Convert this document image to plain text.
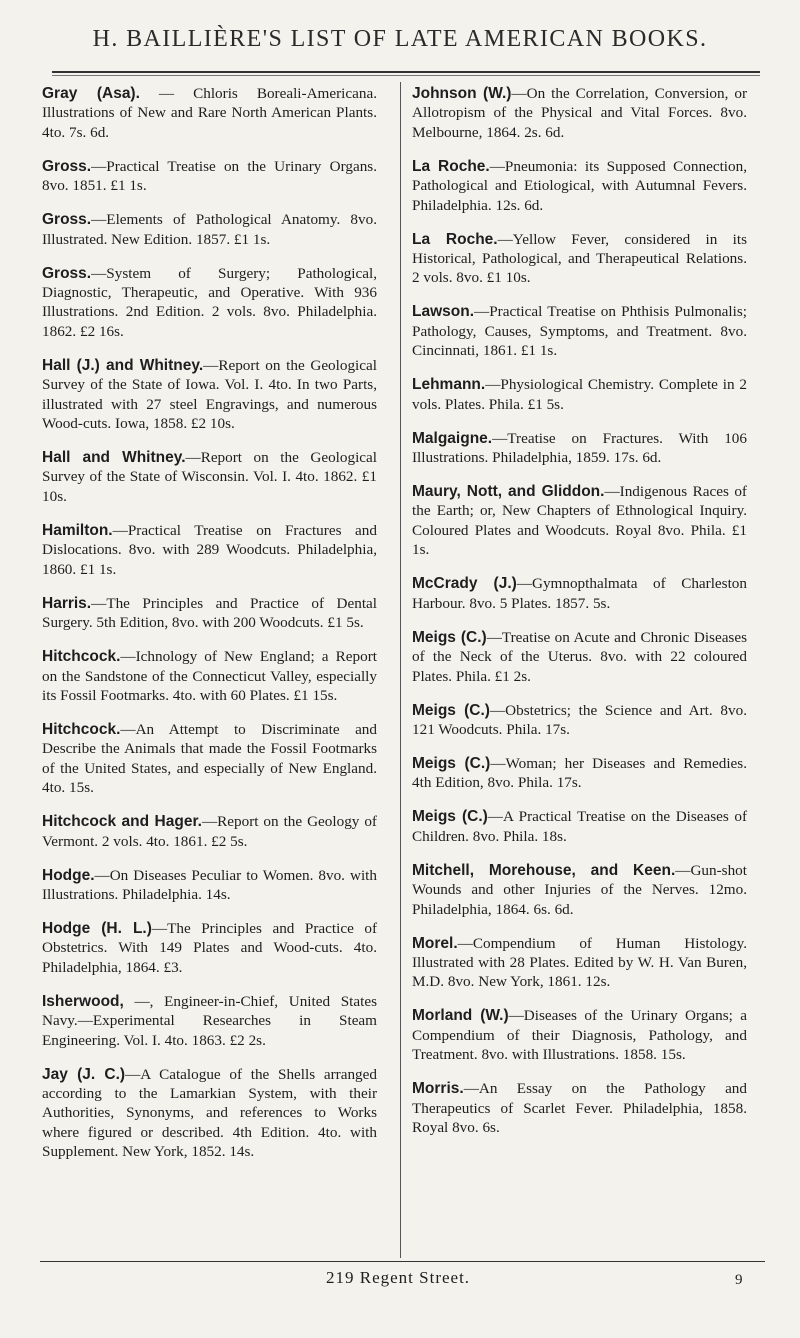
H. BAILLIÈRE'S LIST OF LATE AMERICAN BOOKS.

Gray (Asa). — Chloris Boreali-Americana. Illustrations of New and Rare North American Plants. 4to. 7s. 6d.

Gross.—Practical Treatise on the Urinary Organs. 8vo. 1851. £1 1s.

Gross.—Elements of Pathological Anatomy. 8vo. Illustrated. New Edition. 1857. £1 1s.

Gross.—System of Surgery; Pathological, Diagnostic, Therapeutic, and Operative. With 936 Illustrations. 2nd Edition. 2 vols. 8vo. Philadelphia. 1862. £2 16s.

Hall (J.) and Whitney.—Report on the Geological Survey of the State of Iowa. Vol. I. 4to. In two Parts, illustrated with 27 steel Engravings, and numerous Wood-cuts. Iowa, 1858. £2 10s.

Hall and Whitney.—Report on the Geological Survey of the State of Wisconsin. Vol. I. 4to. 1862. £1 10s.

Hamilton.—Practical Treatise on Fractures and Dislocations. 8vo. with 289 Woodcuts. Philadelphia, 1860. £1 1s.

Harris.—The Principles and Practice of Dental Surgery. 5th Edition, 8vo. with 200 Woodcuts. £1 5s.

Hitchcock.—Ichnology of New England; a Report on the Sandstone of the Connecticut Valley, especially its Fossil Footmarks. 4to. with 60 Plates. £1 15s.

Hitchcock.—An Attempt to Discriminate and Describe the Animals that made the Fossil Footmarks of the United States, and especially of New England. 4to. 15s.

Hitchcock and Hager.—Report on the Geology of Vermont. 2 vols. 4to. 1861. £2 5s.

Hodge.—On Diseases Peculiar to Women. 8vo. with Illustrations. Philadelphia. 14s.

Hodge (H. L.)—The Principles and Practice of Obstetrics. With 149 Plates and Wood-cuts. 4to. Philadelphia, 1864. £3.

Isherwood, —, Engineer-in-Chief, United States Navy.—Experimental Researches in Steam Engineering. Vol. I. 4to. 1863. £2 2s.

Jay (J. C.)—A Catalogue of the Shells arranged according to the Lamarkian System, with their Authorities, Synonyms, and references to Works where figured or described. 4th Edition. 4to. with Supplement. New York, 1852. 14s.

Johnson (W.)—On the Correlation, Conversion, or Allotropism of the Physical and Vital Forces. 8vo. Melbourne, 1864. 2s. 6d.

La Roche.—Pneumonia: its Supposed Connection, Pathological and Etiological, with Autumnal Fevers. Philadelphia. 12s. 6d.

La Roche.—Yellow Fever, considered in its Historical, Pathological, and Therapeutical Relations. 2 vols. 8vo. £1 10s.

Lawson.—Practical Treatise on Phthisis Pulmonalis; Pathology, Causes, Symptoms, and Treatment. 8vo. Cincinnati, 1861. £1 1s.

Lehmann.—Physiological Chemistry. Complete in 2 vols. Plates. Phila. £1 5s.

Malgaigne.—Treatise on Fractures. With 106 Illustrations. Philadelphia, 1859. 17s. 6d.

Maury, Nott, and Gliddon.—Indigenous Races of the Earth; or, New Chapters of Ethnological Inquiry. Coloured Plates and Woodcuts. Royal 8vo. Phila. £1 1s.

McCrady (J.)—Gymnopthalmata of Charleston Harbour. 8vo. 5 Plates. 1857. 5s.

Meigs (C.)—Treatise on Acute and Chronic Diseases of the Neck of the Uterus. 8vo. with 22 coloured Plates. Phila. £1 2s.

Meigs (C.)—Obstetrics; the Science and Art. 8vo. 121 Woodcuts. Phila. 17s.

Meigs (C.)—Woman; her Diseases and Remedies. 4th Edition, 8vo. Phila. 17s.

Meigs (C.)—A Practical Treatise on the Diseases of Children. 8vo. Phila. 18s.

Mitchell, Morehouse, and Keen.—Gun-shot Wounds and other Injuries of the Nerves. 12mo. Philadelphia, 1864. 6s. 6d.

Morel.—Compendium of Human Histology. Illustrated with 28 Plates. Edited by W. H. Van Buren, M.D. 8vo. New York, 1861. 12s.

Morland (W.)—Diseases of the Urinary Organs; a Compendium of their Diagnosis, Pathology, and Treatment. 8vo. with Illustrations. 1858. 15s.

Morris.—An Essay on the Pathology and Therapeutics of Scarlet Fever. Philadelphia, 1858. Royal 8vo. 6s.

219 Regent Street.	9
